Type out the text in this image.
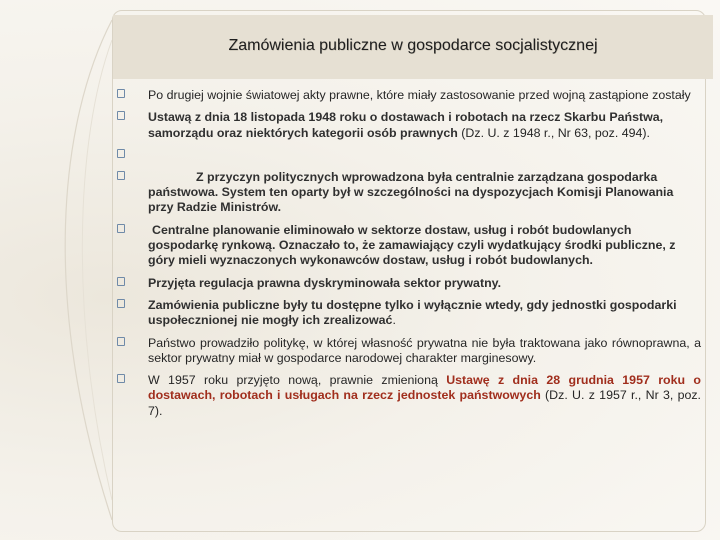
Zamówienia publiczne w gospodarce socjalistycznej
Po drugiej wojnie światowej akty prawne, które miały zastosowanie przed wojną zastąpione zostały
Ustawą z dnia 18 listopada 1948 roku o dostawach i robotach na rzecz Skarbu Państwa, samorządu oraz niektórych kategorii osób prawnych (Dz. U. z 1948 r., Nr 63, poz. 494).
Z przyczyn politycznych wprowadzona była centralnie zarządzana gospodarka państwowa. System ten oparty był w szczególności na dyspozycjach Komisji Planowania przy Radzie Ministrów.
Centralne planowanie eliminowało w sektorze dostaw, usług i robót budowlanych gospodarkę rynkową. Oznaczało to, że zamawiający czyli wydatkujący środki publiczne, z góry mieli wyznaczonych wykonawców dostaw, usług i robót budowlanych.
Przyjęta regulacja prawna dyskryminowała sektor prywatny.
Zamówienia publiczne były tu dostępne tylko i wyłącznie wtedy, gdy jednostki gospodarki uspołecznionej nie mogły ich zrealizować.
Państwo prowadziło politykę, w której własność prywatna nie była traktowana jako równoprawna, a sektor prywatny miał w gospodarce narodowej charakter marginesowy.
W 1957 roku przyjęto nową, prawnie zmienioną Ustawę z dnia 28 grudnia 1957 roku o dostawach, robotach i usługach na rzecz jednostek państwowych (Dz. U. z 1957 r., Nr 3, poz. 7).
